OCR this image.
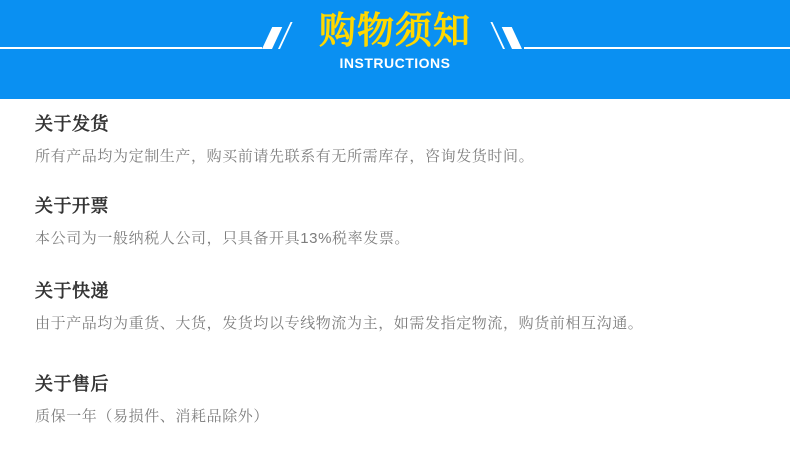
购物须知
INSTRUCTIONS
关于发货

所有产品均为定制生产，购买前请先联系有无所需库存，咨询发货时间。

关于开票

本公司为一般纳税人公司，只具备开具13%税率发票。

关于快递

由于产品均为重货、大货，发货均以专线物流为主，如需发指定物流，购货前相互沟通。

关于售后

质保一年（易损件、消耗品除外）
